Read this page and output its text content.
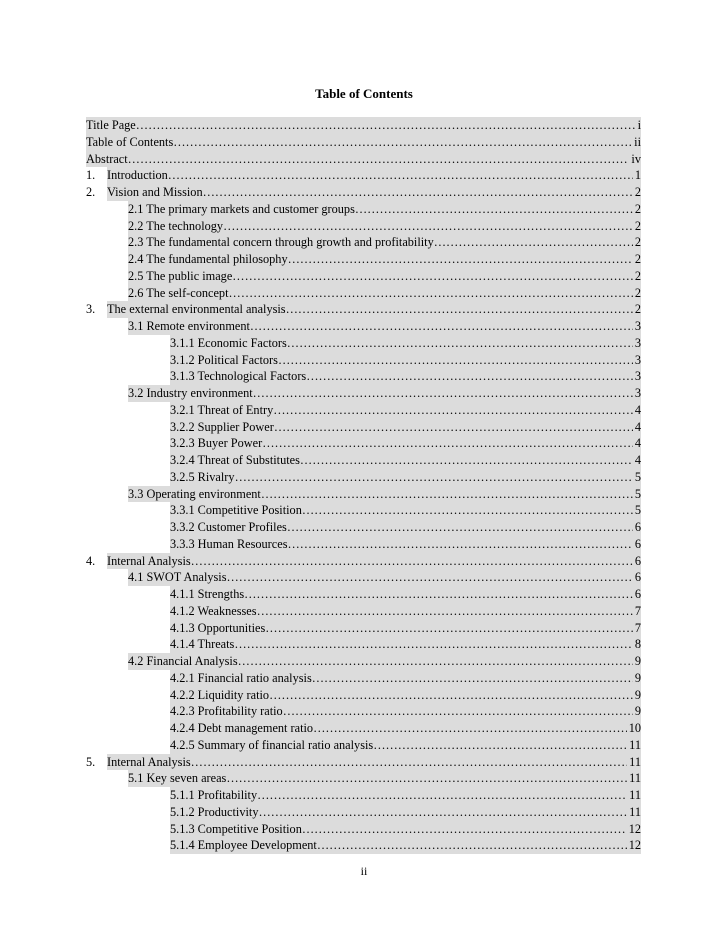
Table of Contents
Title Page …………………………………………………………………………………………………………………………………………………………………………………	i
Table of Contents …………………………………………………………………………………………………………………………………………………………………………………	ii
Abstract …………………………………………………………………………………………………………………………………………………………………………………	iv
1. Introduction …………………………………………………………………………………………………………………………………………………………………………………	1
2. Vision and Mission …………………………………………………………………………………………………………………………………………………………………………………	2
2.1 The primary markets and customer groups …………………………………………………………………………………………………………………………………………………………………………………	2
2.2 The technology …………………………………………………………………………………………………………………………………………………………………………………	2
2.3 The fundamental concern through growth and profitability …………………………………………………………………………………………………………………………………………………………………………………	2
2.4 The fundamental philosophy …………………………………………………………………………………………………………………………………………………………………………………	2
2.5 The public image …………………………………………………………………………………………………………………………………………………………………………………	2
2.6 The self-concept …………………………………………………………………………………………………………………………………………………………………………………	2
3. The external environmental analysis …………………………………………………………………………………………………………………………………………………………………………………	2
3.1 Remote environment …………………………………………………………………………………………………………………………………………………………………………………	3
3.1.1 Economic Factors …………………………………………………………………………………………………………………………………………………………………………………	3
3.1.2 Political Factors …………………………………………………………………………………………………………………………………………………………………………………	3
3.1.3 Technological Factors …………………………………………………………………………………………………………………………………………………………………………………	3
3.2 Industry environment …………………………………………………………………………………………………………………………………………………………………………………	3
3.2.1 Threat of Entry …………………………………………………………………………………………………………………………………………………………………………………	4
3.2.2 Supplier Power …………………………………………………………………………………………………………………………………………………………………………………	4
3.2.3 Buyer Power …………………………………………………………………………………………………………………………………………………………………………………	4
3.2.4 Threat of Substitutes …………………………………………………………………………………………………………………………………………………………………………………	4
3.2.5 Rivalry …………………………………………………………………………………………………………………………………………………………………………………	5
3.3 Operating environment …………………………………………………………………………………………………………………………………………………………………………………	5
3.3.1 Competitive Position …………………………………………………………………………………………………………………………………………………………………………………	5
3.3.2 Customer Profiles …………………………………………………………………………………………………………………………………………………………………………………	6
3.3.3 Human Resources …………………………………………………………………………………………………………………………………………………………………………………	6
4. Internal Analysis …………………………………………………………………………………………………………………………………………………………………………………	6
4.1 SWOT Analysis …………………………………………………………………………………………………………………………………………………………………………………	6
4.1.1 Strengths …………………………………………………………………………………………………………………………………………………………………………………	6
4.1.2 Weaknesses …………………………………………………………………………………………………………………………………………………………………………………	7
4.1.3 Opportunities …………………………………………………………………………………………………………………………………………………………………………………	7
4.1.4 Threats …………………………………………………………………………………………………………………………………………………………………………………	8
4.2 Financial Analysis …………………………………………………………………………………………………………………………………………………………………………………	9
4.2.1 Financial ratio analysis …………………………………………………………………………………………………………………………………………………………………………………	9
4.2.2 Liquidity ratio …………………………………………………………………………………………………………………………………………………………………………………	9
4.2.3 Profitability ratio …………………………………………………………………………………………………………………………………………………………………………………	9
4.2.4 Debt management ratio …………………………………………………………………………………………………………………………………………………………………………………	10
4.2.5 Summary of financial ratio analysis …………………………………………………………………………………………………………………………………………………………………………………	11
5. Internal Analysis …………………………………………………………………………………………………………………………………………………………………………………	11
5.1 Key seven areas …………………………………………………………………………………………………………………………………………………………………………………	11
5.1.1 Profitability …………………………………………………………………………………………………………………………………………………………………………………	11
5.1.2 Productivity …………………………………………………………………………………………………………………………………………………………………………………	11
5.1.3 Competitive Position …………………………………………………………………………………………………………………………………………………………………………………	12
5.1.4 Employee Development …………………………………………………………………………………………………………………………………………………………………………………	12
ii
